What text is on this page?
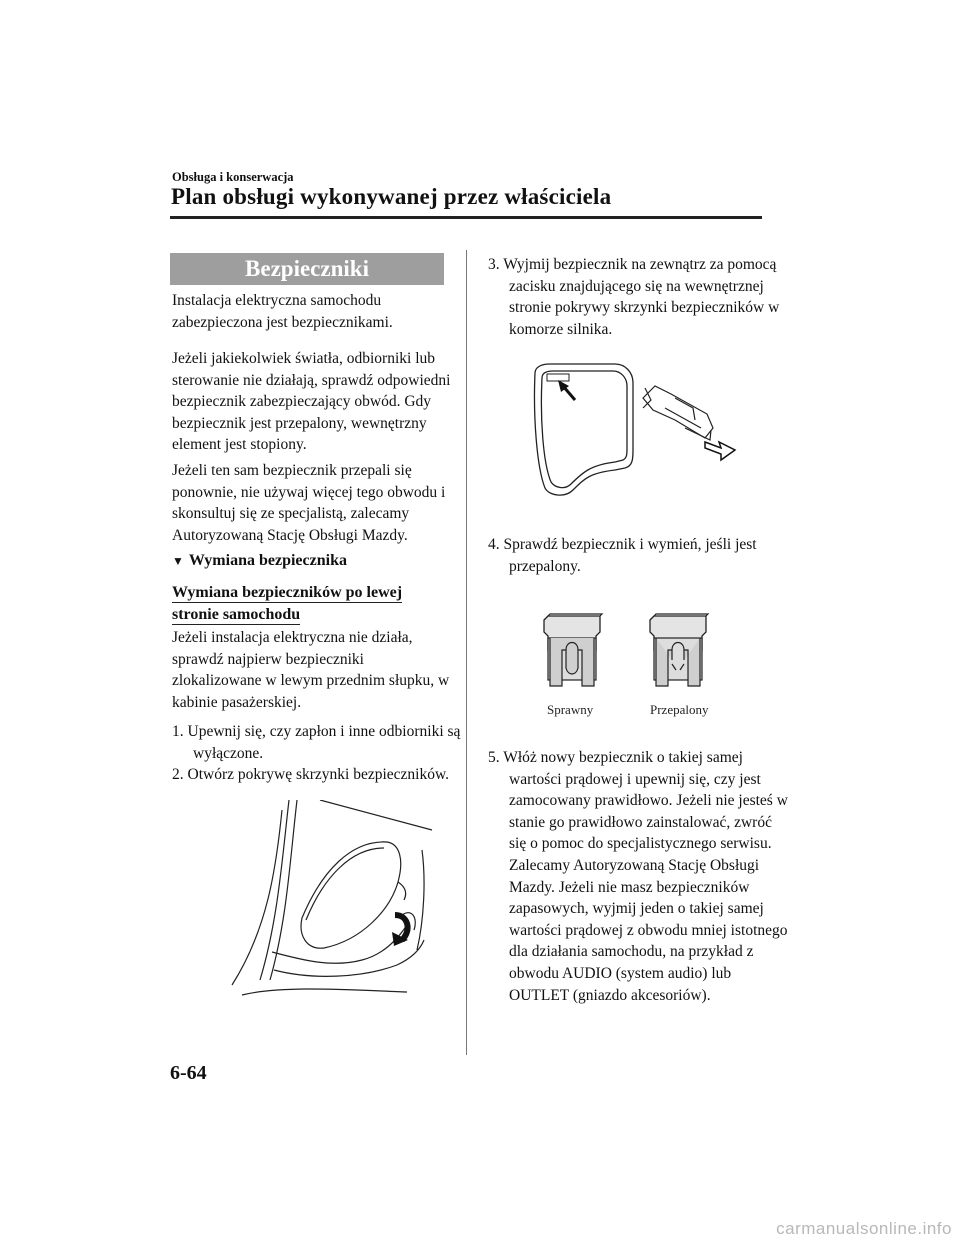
Obsługa i konserwacja
Plan obsługi wykonywanej przez właściciela
Bezpieczniki
Instalacja elektryczna samochodu zabezpieczona jest bezpiecznikami.
Jeżeli jakiekolwiek światła, odbiorniki lub sterowanie nie działają, sprawdź odpowiedni bezpiecznik zabezpieczający obwód. Gdy bezpiecznik jest przepalony, wewnętrzny element jest stopiony.
Jeżeli ten sam bezpiecznik przepali się ponownie, nie używaj więcej tego obwodu i skonsultuj się ze specjalistą, zalecamy Autoryzowaną Stację Obsługi Mazdy.
▼ Wymiana bezpiecznika
Wymiana bezpieczników po lewej stronie samochodu
Jeżeli instalacja elektryczna nie działa, sprawdź najpierw bezpieczniki zlokalizowane w lewym przednim słupku, w kabinie pasażerskiej.
1. Upewnij się, czy zapłon i inne odbiorniki są wyłączone.
2. Otwórz pokrywę skrzynki bezpieczników.
3. Wyjmij bezpiecznik na zewnątrz za pomocą zacisku znajdującego się na wewnętrznej stronie pokrywy skrzynki bezpieczników w komorze silnika.
4. Sprawdź bezpiecznik i wymień, jeśli jest przepalony.
Sprawny	Przepalony
5. Włóż nowy bezpiecznik o takiej samej wartości prądowej i upewnij się, czy jest zamocowany prawidłowo. Jeżeli nie jesteś w stanie go prawidłowo zainstalować, zwróć się o pomoc do specjalistycznego serwisu. Zalecamy Autoryzowaną Stację Obsługi Mazdy. Jeżeli nie masz bezpieczników zapasowych, wyjmij jeden o takiej samej wartości prądowej z obwodu mniej istotnego dla działania samochodu, na przykład z obwodu AUDIO (system audio) lub OUTLET (gniazdo akcesoriów).
6-64
carmanualsonline.info
